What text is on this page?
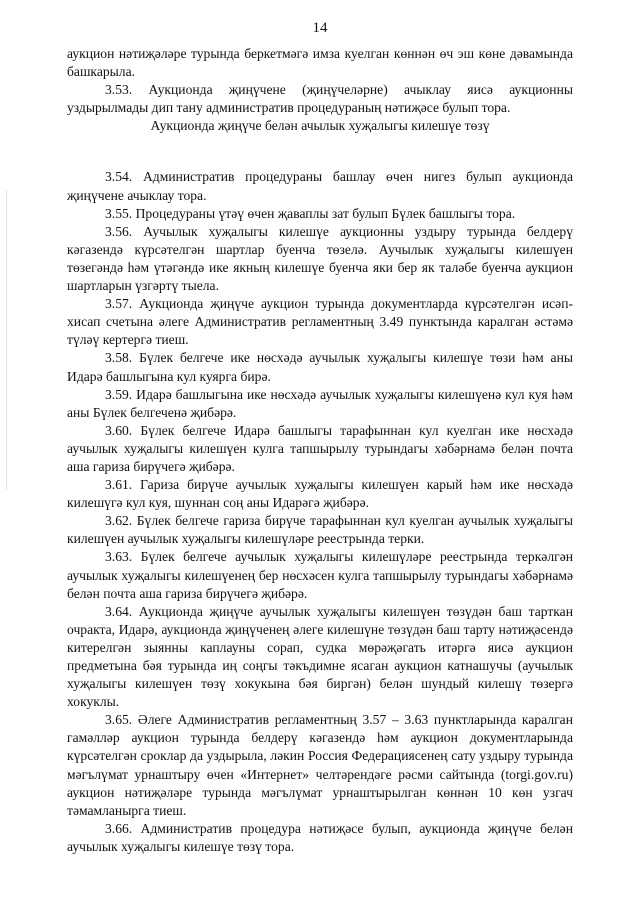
14

аукцион нәтиҗәләре турында беркетмәгә имза куелган көннән өч эш көне дәвамында башкарыла.

3.53. Аукционда җиңүчене (җиңүчеләрне) ачыклау яисә аукционны уздырылмады дип тану административ процедураның нәтиҗәсе булып тора.

Аукционда җиңүче белән ачылык хуҗалыгы килешүе төзү

3.54. Административ процедураны башлау өчен нигез булып аукционда җиңүчене ачыклау тора.

3.55. Процедураны үтәү өчен җаваплы зат булып Бүлек башлыгы тора.

3.56. Аучылык хуҗалыгы килешүе аукционны уздыру турында белдерү кәгазендә күрсәтелгән шартлар буенча төзелә. Аучылык хуҗалыгы килешүен төзегәндә һәм үтәгәндә ике якның килешүе буенча яки бер як таләбе буенча аукцион шартларын үзгәртү тыела.

3.57. Аукционда җиңүче аукцион турында документларда күрсәтелгән исәп-хисап счетына әлеге Административ регламентның 3.49 пунктында каралган әстәмә түләү кертергә тиеш.

3.58. Бүлек белгече ике нөсхәдә аучылык хуҗалыгы килешүе төзи һәм аны Идарә башлыгына кул куярга бирә.

3.59. Идарә башлыгына ике нөсхәдә аучылык хуҗалыгы килешүенә кул куя һәм аны Бүлек белгеченә җибәрә.

3.60. Бүлек белгече Идарә башлыгы тарафыннан кул куелган ике нөсхәдә аучылык хуҗалыгы килешүен кулга тапшырылу турындагы хәбәрнамә белән почта аша гариза бирүчегә җибәрә.

3.61. Гариза бирүче аучылык хуҗалыгы килешүен карый һәм ике нөсхәдә килешүгә кул куя, шуннан соң аны Идарәгә җибәрә.

3.62. Бүлек белгече гариза бирүче тарафыннан кул куелган аучылык хуҗалыгы килешүен аучылык хуҗалыгы килешүләре реестрында терки.

3.63. Бүлек белгече аучылык хуҗалыгы килешүләре реестрында теркәлгән аучылык хуҗалыгы килешүенең бер нөсхәсен кулга тапшырылу турындагы хәбәрнамә белән почта аша гариза бирүчегә җибәрә.

3.64. Аукционда җиңүче аучылык хуҗалыгы килешүен төзүдән баш тарткан очракта, Идарә, аукционда җиңүченең әлеге килешүне төзүдән баш тарту нәтиҗәсендә китерелгән зыянны каплауны сорап, судка мөрәҗәгать итәргә яисә аукцион предметына бәя турында иң соңгы тәкъдимне ясаган аукцион катнашучы (аучылык хуҗалыгы килешүен төзү хокукына бәя биргән) белән шундый килешү төзергә хокуклы.

3.65. Әлеге Административ регламентның 3.57 – 3.63 пунктларында каралган гамәлләр аукцион турында белдерү кәгазендә һәм аукцион документларында күрсәтелгән сроклар да уздырыла, ләкин Россия Федерациясенең сату уздыру турында мәгълүмат урнаштыру өчен «Интернет» челтәрендәге рәсми сайтында (torgi.gov.ru) аукцион нәтиҗәләре турында мәгълүмат урнаштырылган көннән 10 көн узгач тәмамланырга тиеш.

3.66. Административ процедура нәтиҗәсе булып, аукционда җиңүче белән аучылык хуҗалыгы килешүе төзү тора.
